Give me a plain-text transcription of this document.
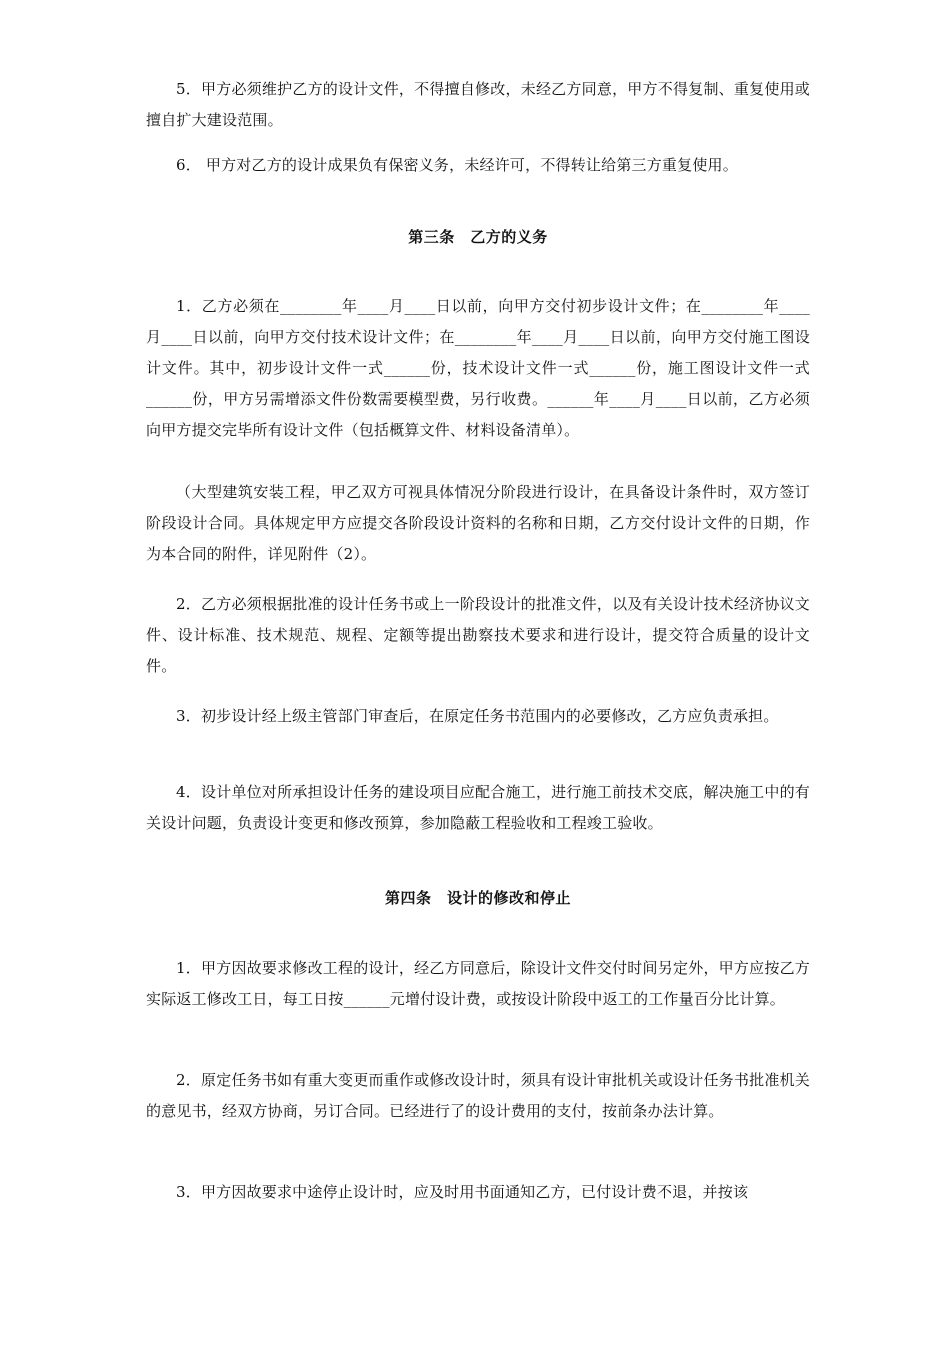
5．甲方必须维护乙方的设计文件，不得擅自修改，未经乙方同意，甲方不得复制、重复使用或擅自扩大建设范围。

6． 甲方对乙方的设计成果负有保密义务，未经许可，不得转让给第三方重复使用。

第三条　乙方的义务

1．乙方必须在________年____月____日以前，向甲方交付初步设计文件；在________年____月____日以前，向甲方交付技术设计文件；在________年____月____日以前，向甲方交付施工图设计文件。其中，初步设计文件一式______份，技术设计文件一式______份，施工图设计文件一式______份，甲方另需增添文件份数需要模型费，另行收费。______年____月____日以前，乙方必须向甲方提交完毕所有设计文件（包括概算文件、材料设备清单）。

（大型建筑安装工程，甲乙双方可视具体情况分阶段进行设计，在具备设计条件时，双方签订阶段设计合同。具体规定甲方应提交各阶段设计资料的名称和日期，乙方交付设计文件的日期，作为本合同的附件，详见附件（2）。

2．乙方必须根据批准的设计任务书或上一阶段设计的批准文件，以及有关设计技术经济协议文件、设计标准、技术规范、规程、定额等提出勘察技术要求和进行设计，提交符合质量的设计文件。

3．初步设计经上级主管部门审查后，在原定任务书范围内的必要修改，乙方应负责承担。

4．设计单位对所承担设计任务的建设项目应配合施工，进行施工前技术交底，解决施工中的有关设计问题，负责设计变更和修改预算，参加隐蔽工程验收和工程竣工验收。

第四条　设计的修改和停止

1．甲方因故要求修改工程的设计，经乙方同意后，除设计文件交付时间另定外，甲方应按乙方实际返工修改工日，每工日按______元增付设计费，或按设计阶段中返工的工作量百分比计算。

2．原定任务书如有重大变更而重作或修改设计时，须具有设计审批机关或设计任务书批准机关的意见书，经双方协商，另订合同。已经进行了的设计费用的支付，按前条办法计算。

3．甲方因故要求中途停止设计时，应及时用书面通知乙方，已付设计费不退，并按该
